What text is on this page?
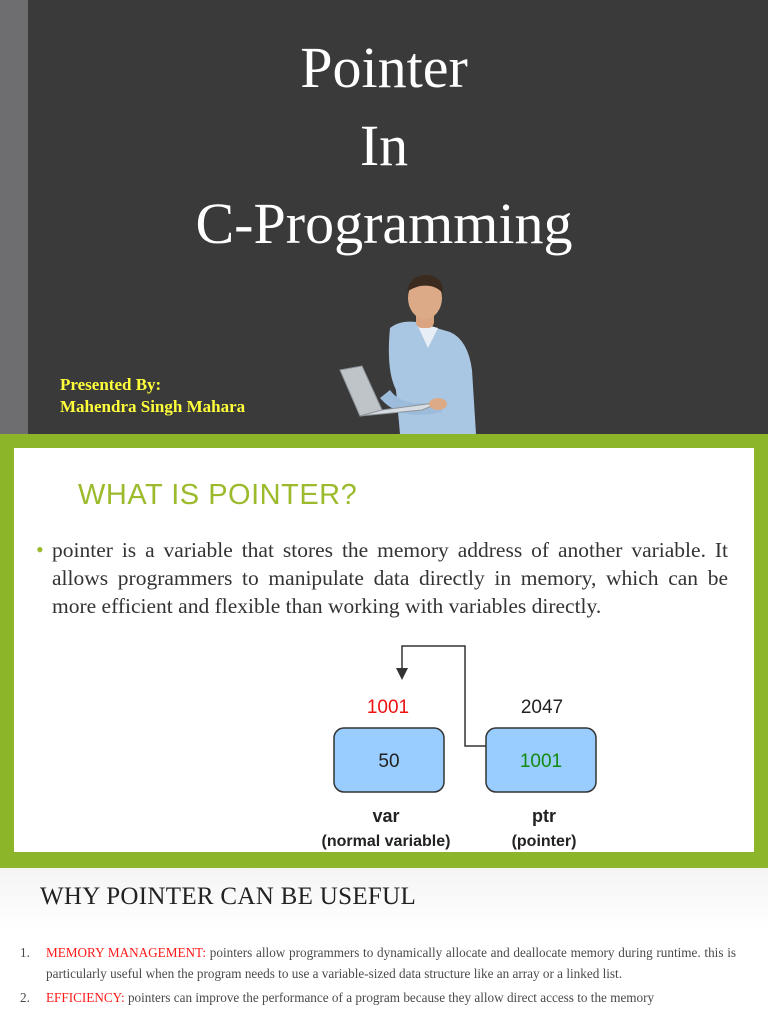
Pointer
In
C-Programming
Presented By:
Mahendra Singh Mahara
WHAT IS POINTER?
• pointer is a variable that stores the memory address of another variable. It allows programmers to manipulate data directly in memory, which can be more efficient and flexible than working with variables directly.
1001	2047
50	1001
var
(normal variable)
ptr
(pointer)
WHY POINTER CAN BE USEFUL
1. MEMORY MANAGEMENT: pointers allow programmers to dynamically allocate and deallocate memory during runtime. this is particularly useful when the program needs to use a variable-sized data structure like an array or a linked list.
2. EFFICIENCY: pointers can improve the performance of a program because they allow direct access to the memory
